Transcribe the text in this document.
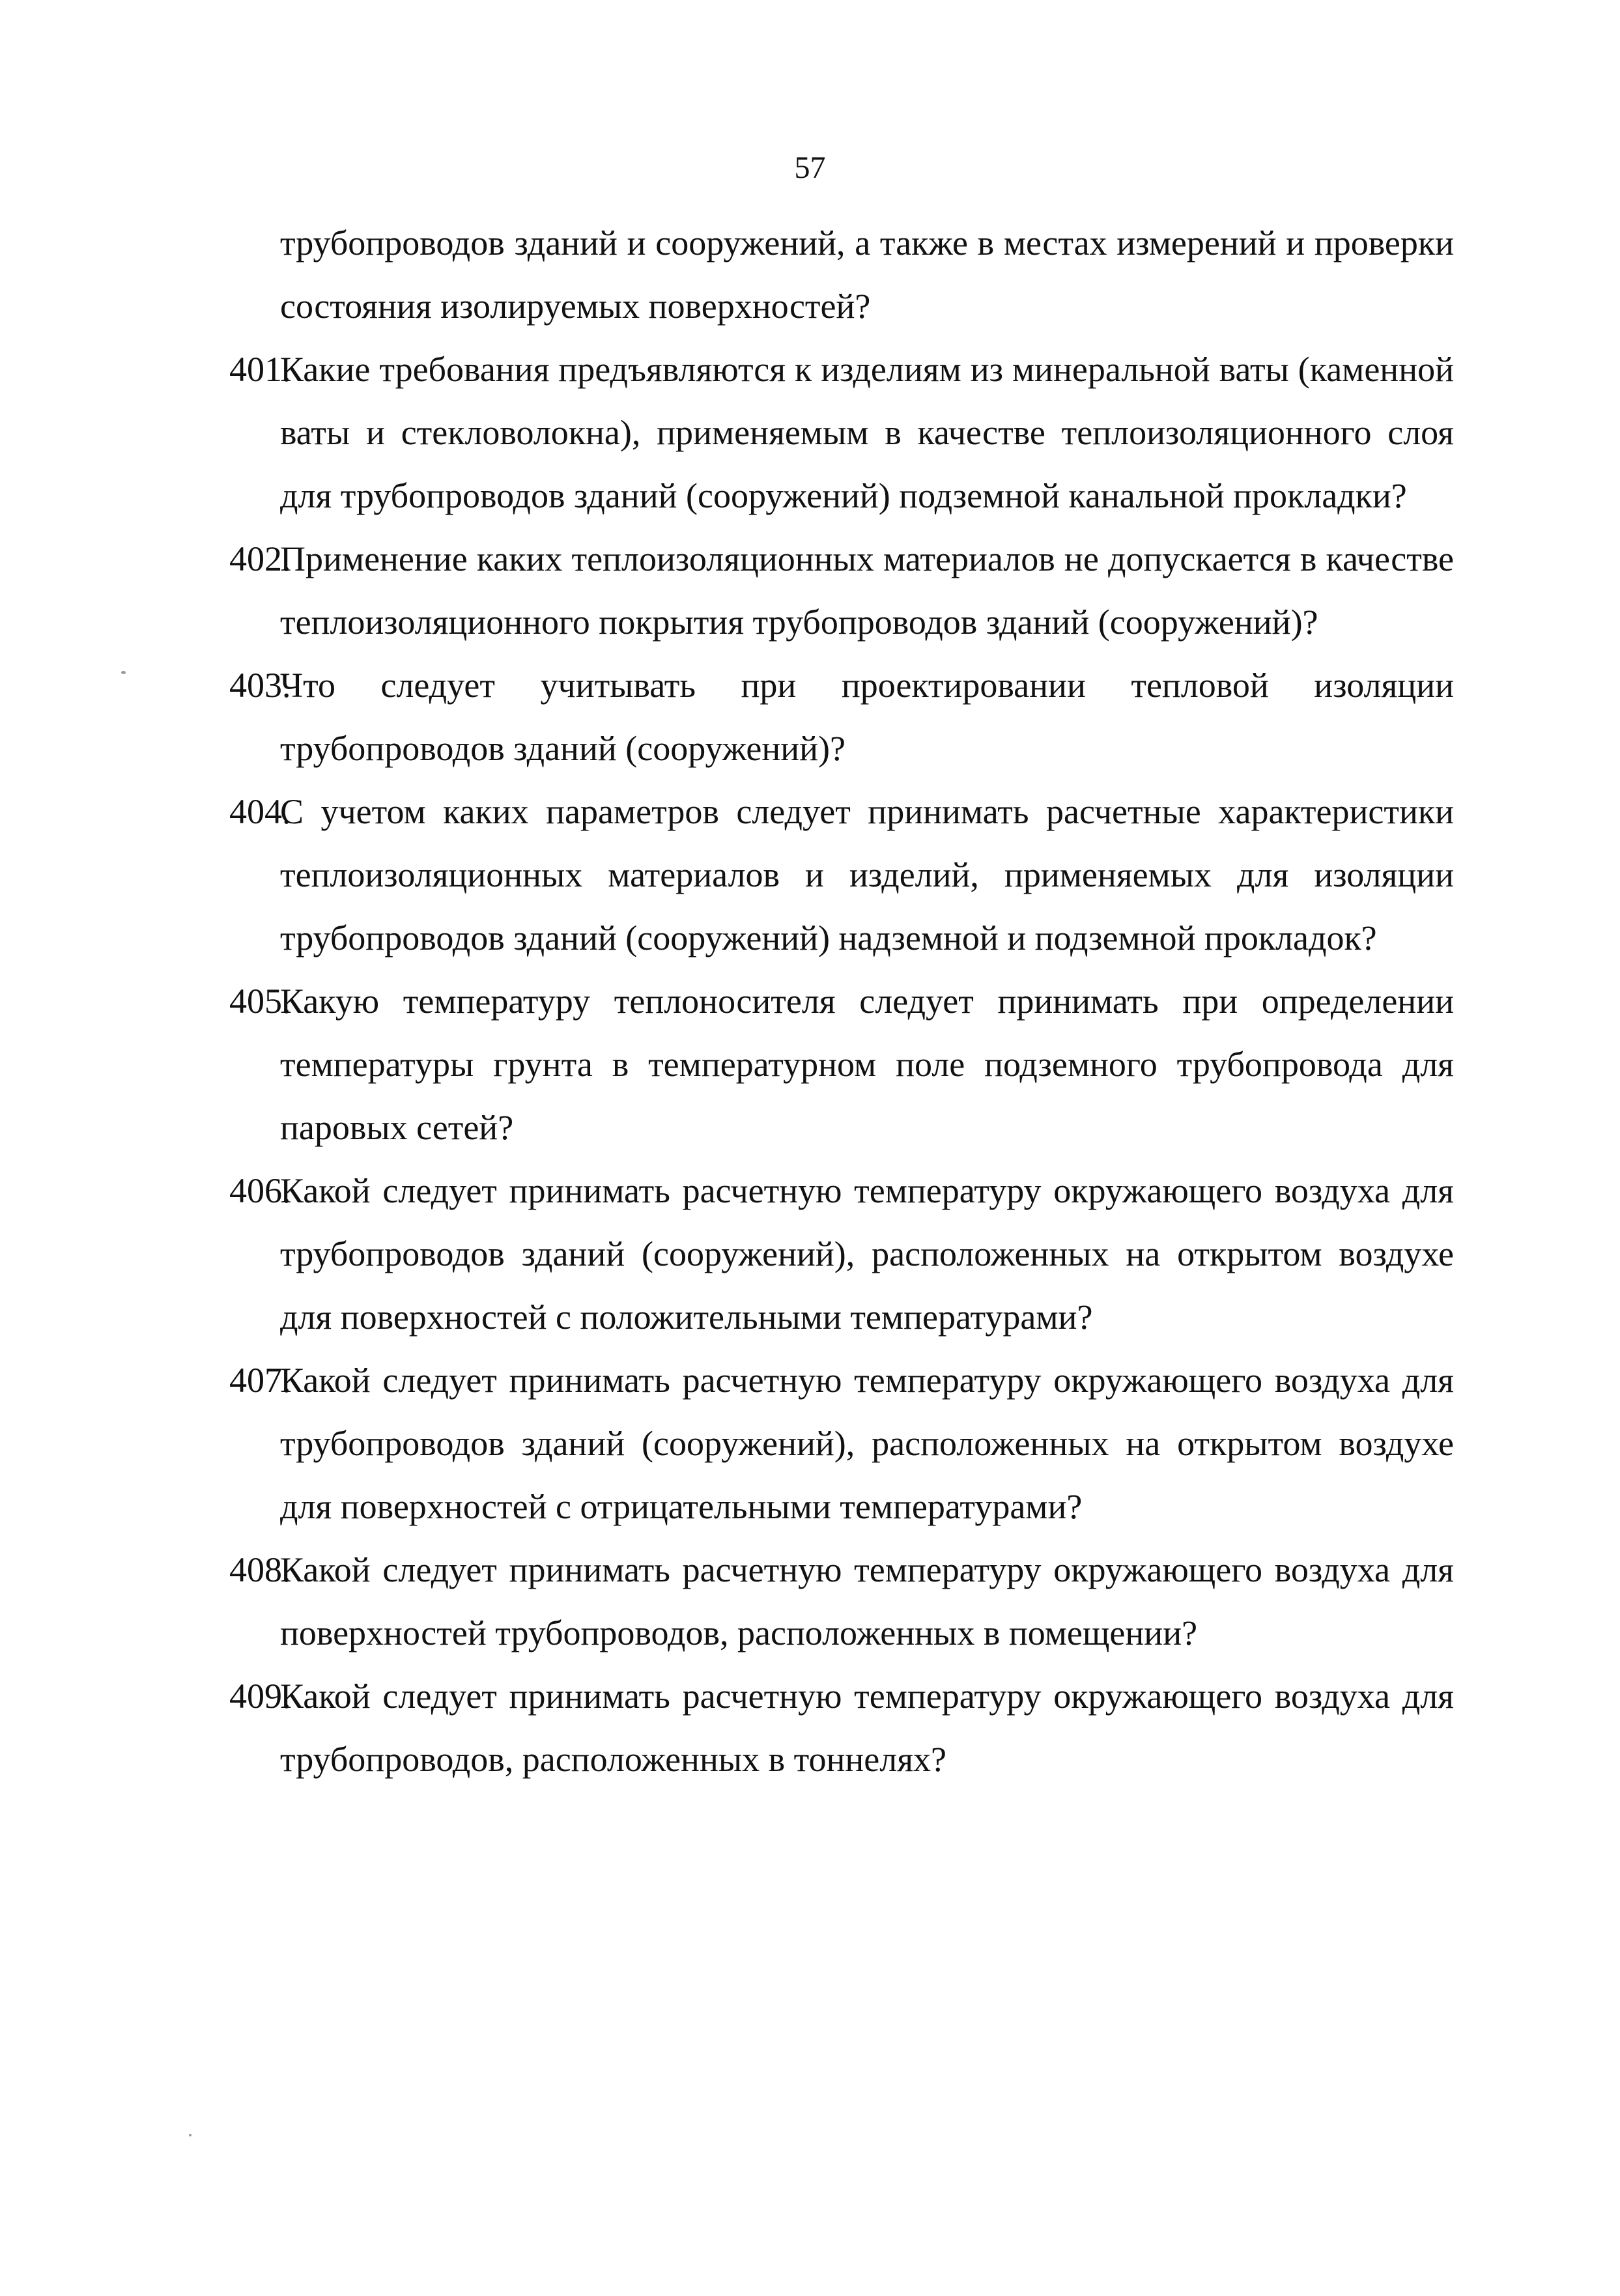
57

трубопроводов зданий и сооружений, а также в местах измерений и проверки состояния изолируемых поверхностей?

401.

Какие требования предъявляются к изделиям из минеральной ваты (каменной ваты и стекловолокна), применяемым в качестве теплоизоляционного слоя для трубопроводов зданий (сооружений) подземной канальной прокладки?

402.

Применение каких теплоизоляционных материалов не допускается в качестве теплоизоляционного покрытия трубопроводов зданий (сооружений)?

403.

Что следует учитывать при проектировании тепловой изоляции трубопроводов зданий (сооружений)?

404.

С учетом каких параметров следует принимать расчетные характеристики теплоизоляционных материалов и изделий, применяемых для изоляции трубопроводов зданий (сооружений) надземной и подземной прокладок?

405.

Какую температуру теплоносителя следует принимать при определении температуры грунта в температурном поле подземного трубопровода для паровых сетей?

406.

Какой следует принимать расчетную температуру окружающего воздуха для трубопроводов зданий (сооружений), расположенных на открытом воздухе для поверхностей с положительными температурами?

407.

Какой следует принимать расчетную температуру окружающего воздуха для трубопроводов зданий (сооружений), расположенных на открытом воздухе для поверхностей с отрицательными температурами?

408.

Какой следует принимать расчетную температуру окружающего воздуха для поверхностей трубопроводов, расположенных в помещении?

409.

Какой следует принимать расчетную температуру окружающего воздуха для трубопроводов, расположенных в тоннелях?
